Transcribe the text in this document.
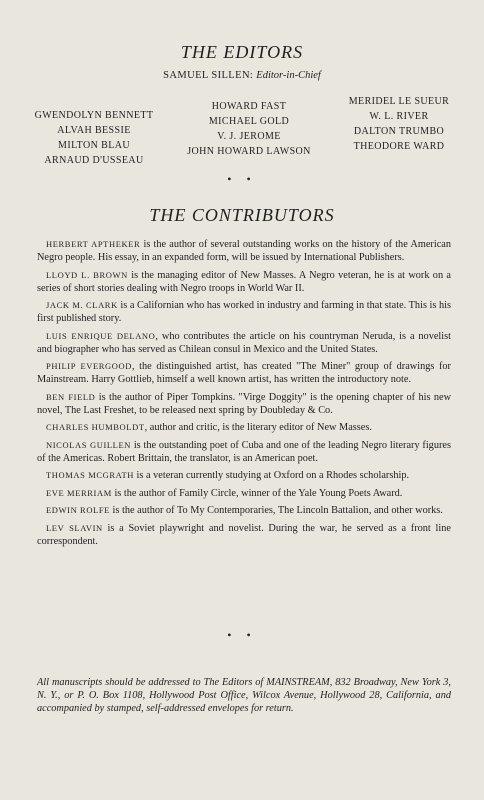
THE EDITORS
SAMUEL SILLEN: Editor-in-Chief
GWENDOLYN BENNETT
ALVAH BESSIE
MILTON BLAU
ARNAUD D'USSEAU
HOWARD FAST
MICHAEL GOLD
V. J. JEROME
JOHN HOWARD LAWSON
MERIDEL LE SUEUR
W. L. RIVER
DALTON TRUMBO
THEODORE WARD
• •
THE CONTRIBUTORS

HERBERT APTHEKER is the author of several outstanding works on the history of the American Negro people. His essay, in an expanded form, will be issued by International Publishers.

LLOYD L. BROWN is the managing editor of New Masses. A Negro veteran, he is at work on a series of short stories dealing with Negro troops in World War II.

JACK M. CLARK is a Californian who has worked in industry and farming in that state. This is his first published story.

LUIS ENRIQUE DELANO, who contributes the article on his countryman Neruda, is a novelist and biographer who has served as Chilean consul in Mexico and the United States.

PHILIP EVERGOOD, the distinguished artist, has created "The Miner" group of drawings for Mainstream. Harry Gottlieb, himself a well known artist, has written the introductory note.

BEN FIELD is the author of Piper Tompkins. "Virge Doggity" is the opening chapter of his new novel, The Last Freshet, to be released next spring by Doubleday & Co.

CHARLES HUMBOLDT, author and critic, is the literary editor of New Masses.

NICOLAS GUILLEN is the outstanding poet of Cuba and one of the leading Negro literary figures of the Americas. Robert Brittain, the translator, is an American poet.

THOMAS MCGRATH is a veteran currently studying at Oxford on a Rhodes scholarship.

EVE MERRIAM is the author of Family Circle, winner of the Yale Young Poets Award.

EDWIN ROLFE is the author of To My Contemporaries, The Lincoln Battalion, and other works.

LEV SLAVIN is a Soviet playwright and novelist. During the war, he served as a front line correspondent.

• •
All manuscripts should be addressed to The Editors of MAINSTREAM, 832 Broadway, New York 3, N. Y., or P. O. Box 1108, Hollywood Post Office, Wilcox Avenue, Hollywood 28, California, and accompanied by stamped, self-addressed envelopes for return.
